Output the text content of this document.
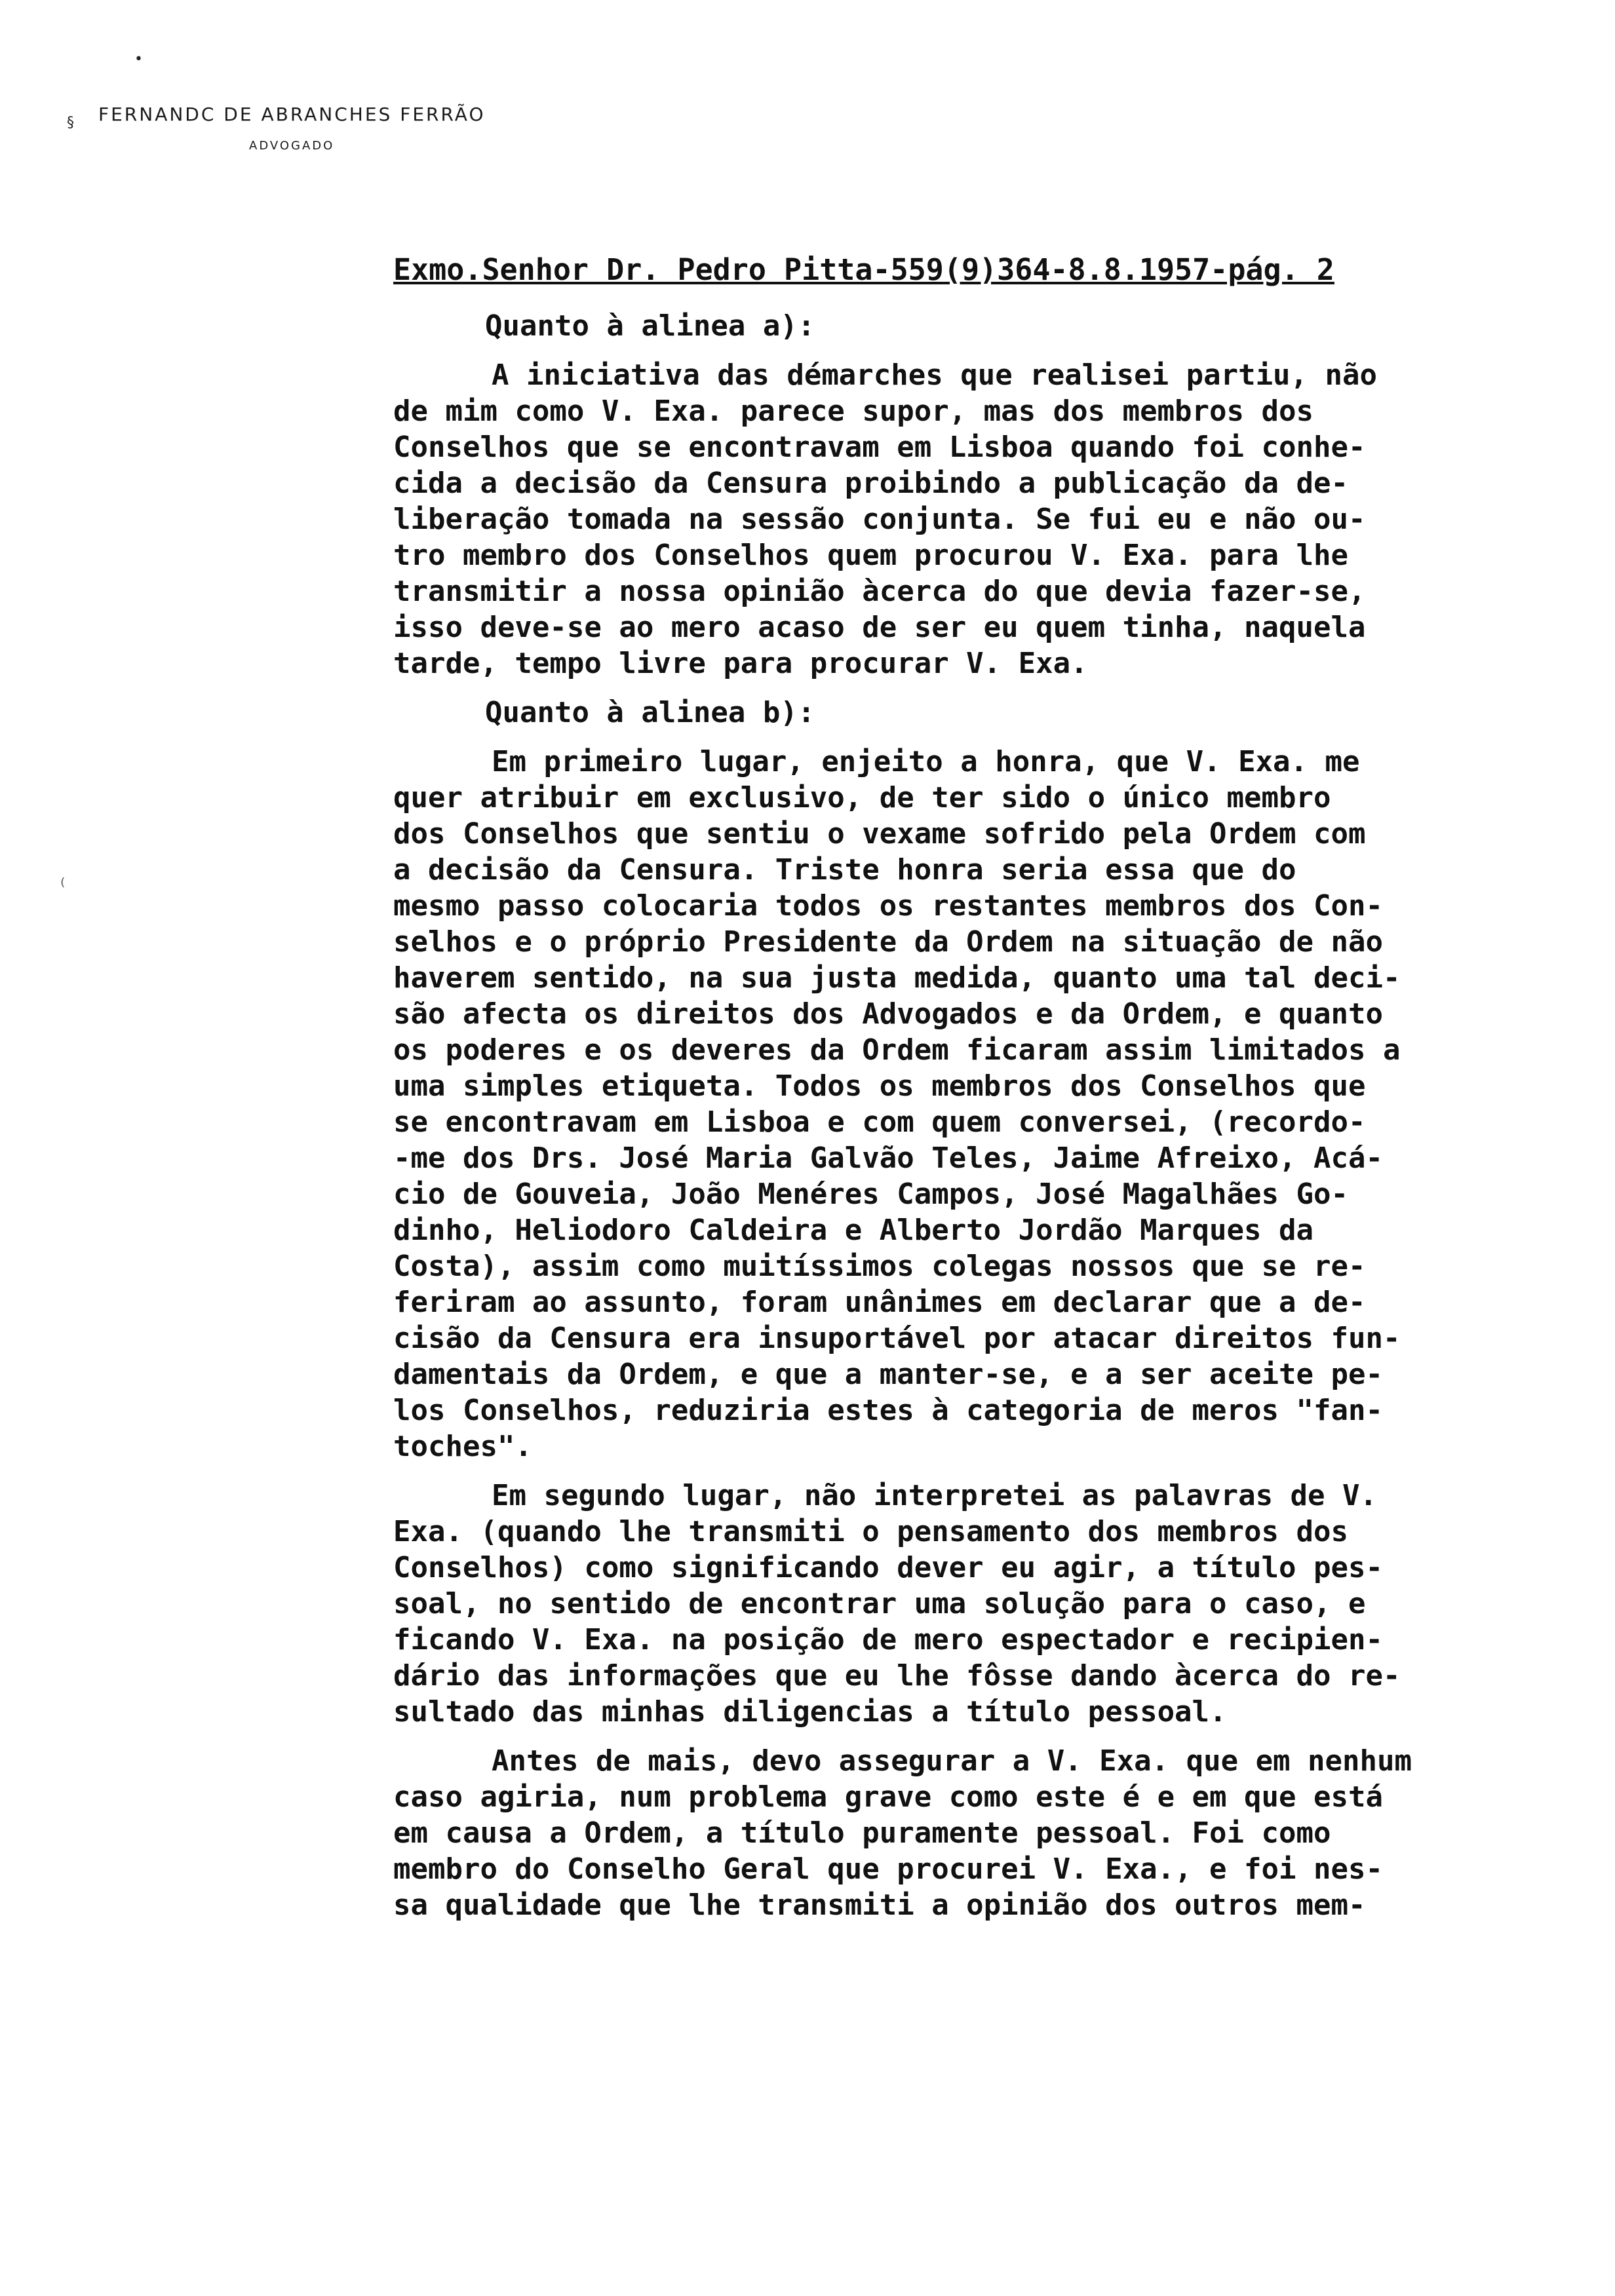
•
§
⁽
FERNANDC DE ABRANCHES FERRÃO
ADVOGADO
Exmo.Senhor Dr. Pedro Pitta-559(9)364-8.8.1957-pág. 2
Quanto à alinea a):
A iniciativa das démarches que realisei partiu, não
de mim como V. Exa. parece supor, mas dos membros dos
Conselhos que se encontravam em Lisboa quando foi conhe-
cida a decisão da Censura proibindo a publicação da de-
liberação tomada na sessão conjunta. Se fui eu e não ou-
tro membro dos Conselhos quem procurou V. Exa. para lhe
transmitir a nossa opinião àcerca do que devia fazer-se,
isso deve-se ao mero acaso de ser eu quem tinha, naquela
tarde, tempo livre para procurar V. Exa.
Quanto à alinea b):
Em primeiro lugar, enjeito a honra, que V. Exa. me
quer atribuir em exclusivo, de ter sido o único membro
dos Conselhos que sentiu o vexame sofrido pela Ordem com
a decisão da Censura. Triste honra seria essa que do
mesmo passo colocaria todos os restantes membros dos Con-
selhos e o próprio Presidente da Ordem na situação de não
haverem sentido, na sua justa medida, quanto uma tal deci-
são afecta os direitos dos Advogados e da Ordem, e quanto
os poderes e os deveres da Ordem ficaram assim limitados a
uma simples etiqueta. Todos os membros dos Conselhos que
se encontravam em Lisboa e com quem conversei, (recordo-
-me dos Drs. José Maria Galvão Teles, Jaime Afreixo, Acá-
cio de Gouveia, João Menéres Campos, José Magalhães Go-
dinho, Heliodoro Caldeira e Alberto Jordão Marques da
Costa), assim como muitíssimos colegas nossos que se re-
feriram ao assunto, foram unânimes em declarar que a de-
cisão da Censura era insuportável por atacar direitos fun-
damentais da Ordem, e que a manter-se, e a ser aceite pe-
los Conselhos, reduziria estes à categoria de meros "fan-
toches".
Em segundo lugar, não interpretei as palavras de V.
Exa. (quando lhe transmiti o pensamento dos membros dos
Conselhos) como significando dever eu agir, a título pes-
soal, no sentido de encontrar uma solução para o caso, e
ficando V. Exa. na posição de mero espectador e recipien-
dário das informações que eu lhe fôsse dando àcerca do re-
sultado das minhas diligencias a título pessoal.
Antes de mais, devo assegurar a V. Exa. que em nenhum
caso agiria, num problema grave como este é e em que está
em causa a Ordem, a título puramente pessoal. Foi como
membro do Conselho Geral que procurei V. Exa., e foi nes-
sa qualidade que lhe transmiti a opinião dos outros mem-
